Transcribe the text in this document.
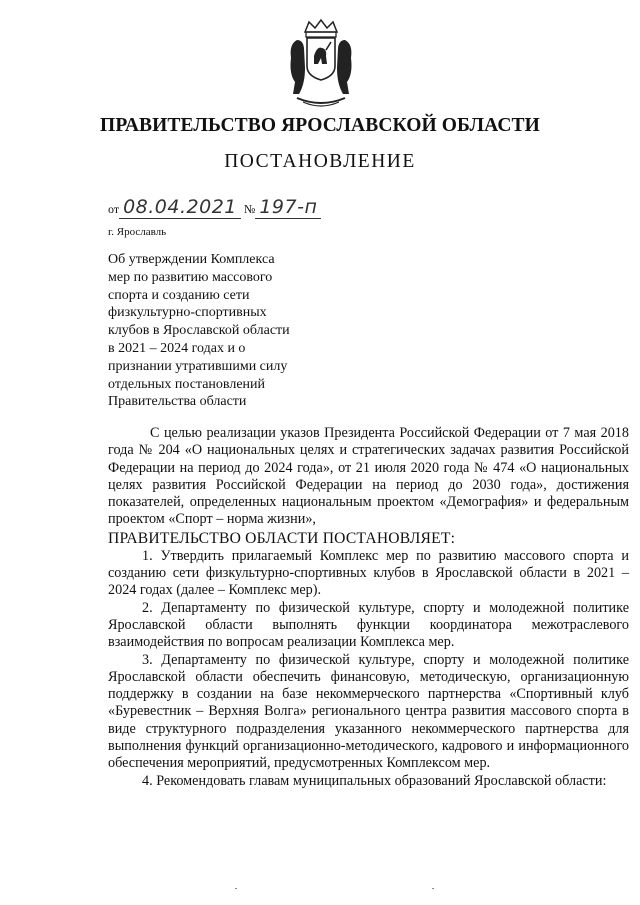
ПРАВИТЕЛЬСТВО ЯРОСЛАВСКОЙ ОБЛАСТИ
ПОСТАНОВЛЕНИЕ
от 08.04.2021 № 197-п
г. Ярославль
Об утверждении Комплекса
мер по развитию массового
спорта и созданию сети
физкультурно-спортивных
клубов в Ярославской области
в 2021 – 2024 годах и о
признании утратившими силу
отдельных постановлений
Правительства области

С целью реализации указов Президента Российской Федерации от 7 мая 2018 года № 204 «О национальных целях и стратегических задачах развития Российской Федерации на период до 2024 года», от 21 июля 2020 года № 474 «О национальных целях развития Российской Федерации на период до 2030 года», достижения показателей, определенных национальным проектом «Демография» и федеральным проектом «Спорт – норма жизни»,

ПРАВИТЕЛЬСТВО ОБЛАСТИ ПОСТАНОВЛЯЕТ:

1. Утвердить прилагаемый Комплекс мер по развитию массового спорта и созданию сети физкультурно-спортивных клубов в Ярославской области в 2021 – 2024 годах (далее – Комплекс мер).

2. Департаменту по физической культуре, спорту и молодежной политике Ярославской области выполнять функции координатора межотраслевого взаимодействия по вопросам реализации Комплекса мер.

3. Департаменту по физической культуре, спорту и молодежной политике Ярославской области обеспечить финансовую, методическую, организационную поддержку в создании на базе некоммерческого партнерства «Спортивный клуб «Буревестник – Верхняя Волга» регионального центра развития массового спорта в виде структурного подразделения указанного некоммерческого партнерства для выполнения функций организационно-методического, кадрового и информационного обеспечения мероприятий, предусмотренных Комплексом мер.

4. Рекомендовать главам муниципальных образований Ярославской области:
